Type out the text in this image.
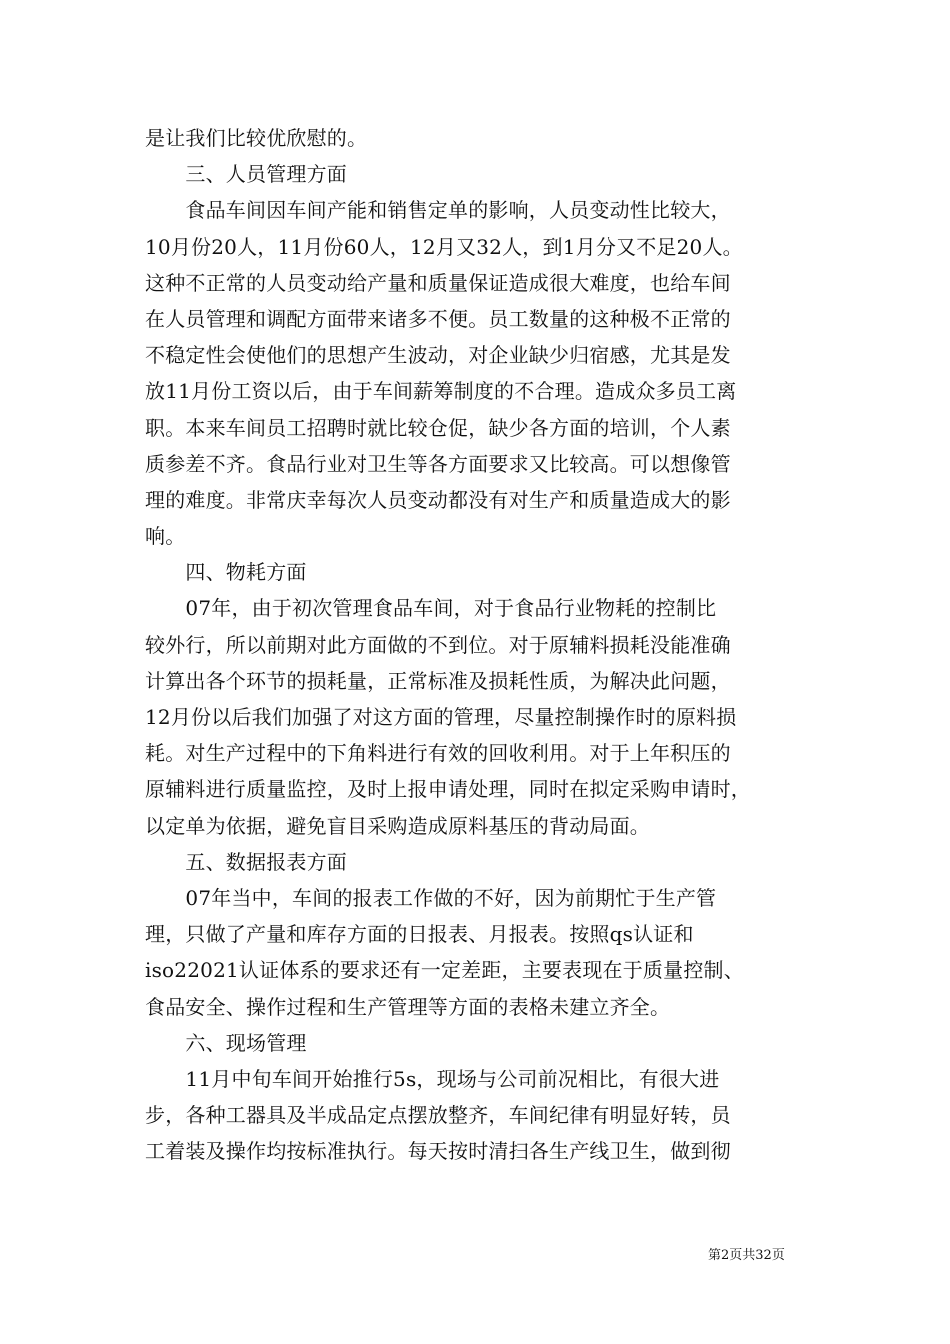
是让我们比较优欣慰的。
　　三、人员管理方面
　　食品车间因车间产能和销售定单的影响，人员变动性比较大，
10月份20人，11月份60人，12月又32人，到1月分又不足20人。
这种不正常的人员变动给产量和质量保证造成很大难度，也给车间
在人员管理和调配方面带来诸多不便。员工数量的这种极不正常的
不稳定性会使他们的思想产生波动，对企业缺少归宿感，尤其是发
放11月份工资以后，由于车间薪筹制度的不合理。造成众多员工离
职。本来车间员工招聘时就比较仓促，缺少各方面的培训，个人素
质参差不齐。食品行业对卫生等各方面要求又比较高。可以想像管
理的难度。非常庆幸每次人员变动都没有对生产和质量造成大的影
响。
　　四、物耗方面
　　07年，由于初次管理食品车间，对于食品行业物耗的控制比
较外行，所以前期对此方面做的不到位。对于原辅料损耗没能准确
计算出各个环节的损耗量，正常标准及损耗性质，为解决此问题，
12月份以后我们加强了对这方面的管理，尽量控制操作时的原料损
耗。对生产过程中的下角料进行有效的回收利用。对于上年积压的
原辅料进行质量监控，及时上报申请处理，同时在拟定采购申请时，
以定单为依据，避免盲目采购造成原料基压的背动局面。
　　五、数据报表方面
　　07年当中，车间的报表工作做的不好，因为前期忙于生产管
理，只做了产量和库存方面的日报表、月报表。按照qs认证和
iso22021认证体系的要求还有一定差距，主要表现在于质量控制、
食品安全、操作过程和生产管理等方面的表格未建立齐全。
　　六、现场管理
　　11月中旬车间开始推行5s，现场与公司前况相比，有很大进
步，各种工器具及半成品定点摆放整齐，车间纪律有明显好转，员
工着装及操作均按标准执行。每天按时清扫各生产线卫生，做到彻
第2页共32页
